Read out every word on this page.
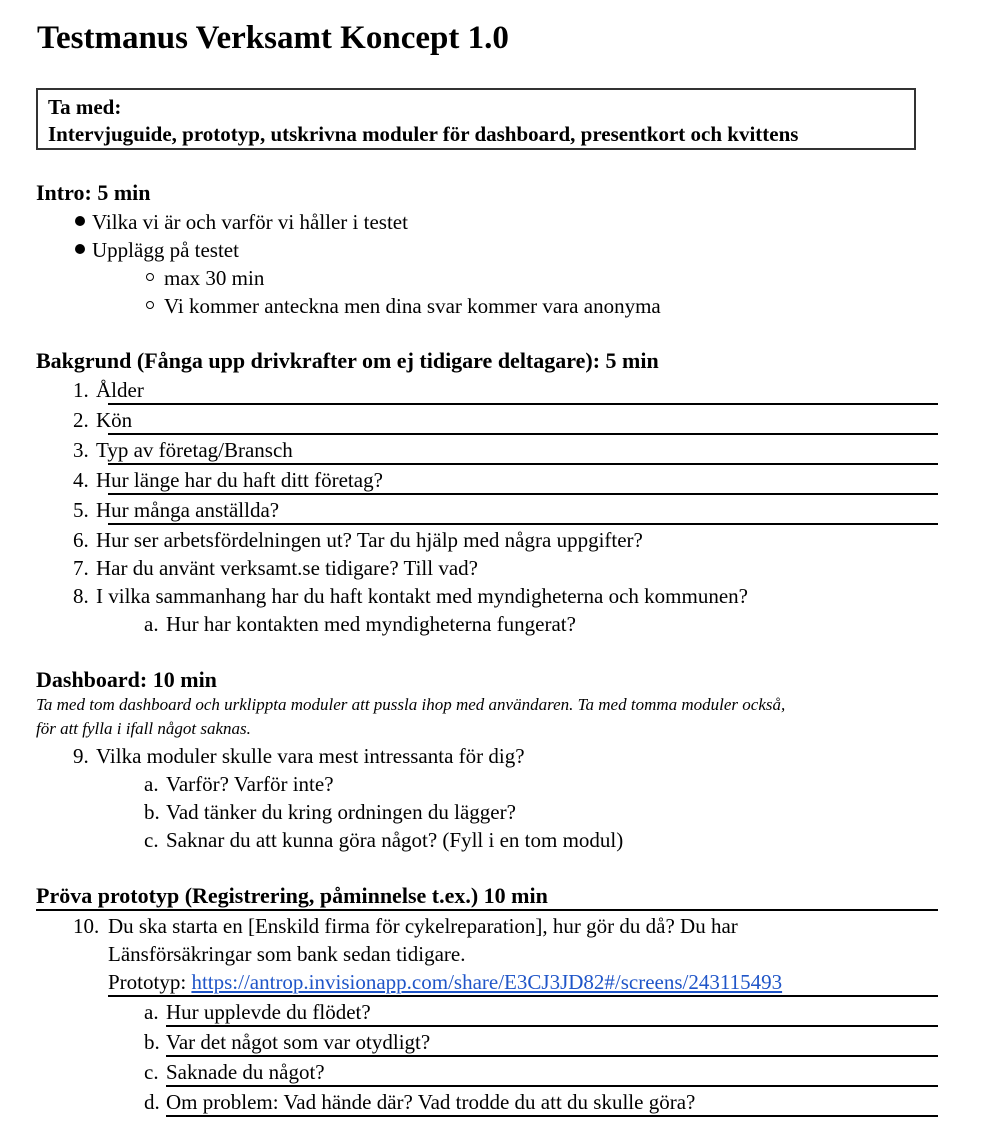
Testmanus Verksamt Koncept 1.0
Ta med:
Intervjuguide, prototyp, utskrivna moduler för dashboard, presentkort och kvittens
Intro: 5 min
Vilka vi är och varför vi håller i testet
Upplägg på testet
max 30 min
Vi kommer anteckna men dina svar kommer vara anonyma
Bakgrund (Fånga upp drivkrafter om ej tidigare deltagare): 5 min
1. Ålder
2. Kön
3. Typ av företag/Bransch
4. Hur länge har du haft ditt företag?
5. Hur många anställda?
6. Hur ser arbetsfördelningen ut? Tar du hjälp med några uppgifter?
7. Har du använt verksamt.se tidigare? Till vad?
8. I vilka sammanhang har du haft kontakt med myndigheterna och kommunen?
a. Hur har kontakten med myndigheterna fungerat?
Dashboard: 10 min
Ta med tom dashboard och urklippta moduler att pussla ihop med användaren. Ta med tomma moduler också,
för att fylla i ifall något saknas.
9. Vilka moduler skulle vara mest intressanta för dig?
a. Varför? Varför inte?
b. Vad tänker du kring ordningen du lägger?
c. Saknar du att kunna göra något? (Fyll i en tom modul)
Pröva prototyp (Registrering, påminnelse t.ex.) 10 min
10. Du ska starta en [Enskild firma för cykelreparation], hur gör du då? Du har
Länsförsäkringar som bank sedan tidigare.
Prototyp: https://antrop.invisionapp.com/share/E3CJ3JD82#/screens/243115493
a. Hur upplevde du flödet?
b. Var det något som var otydligt?
c. Saknade du något?
d. Om problem: Vad hände där? Vad trodde du att du skulle göra?
